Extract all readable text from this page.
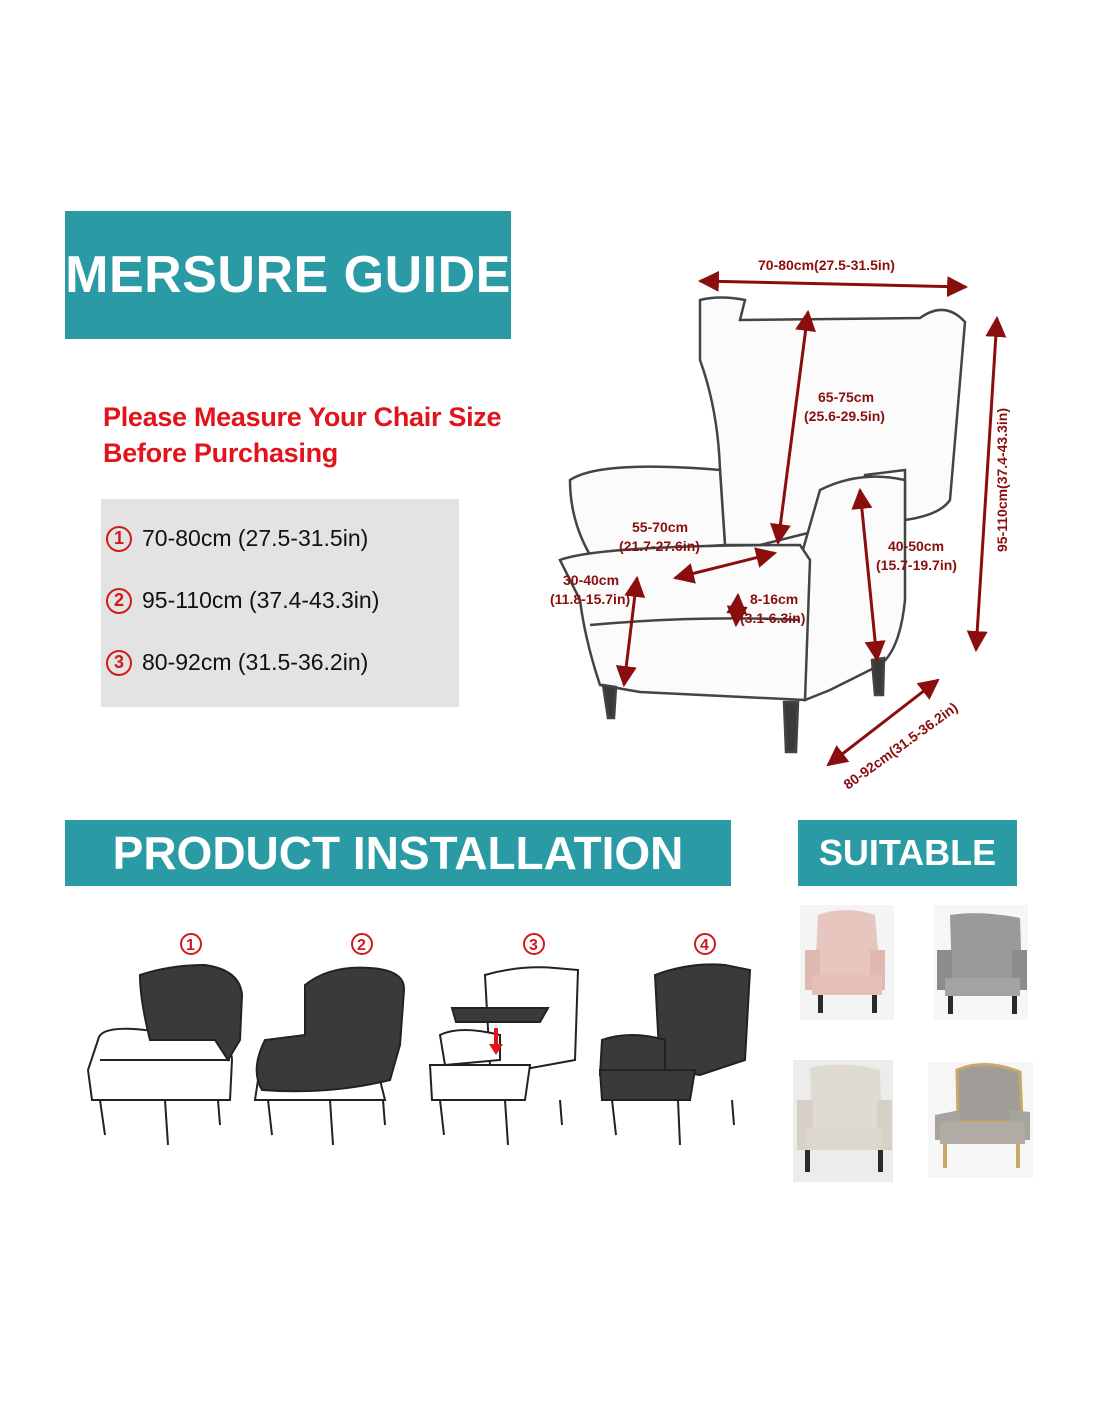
MERSURE GUIDE
PRODUCT INSTALLATION	SUITABLE
Please Measure Your Chair Size
Before Purchasing
1 70-80cm (27.5-31.5in)
2 95-110cm (37.4-43.3in)
3 80-92cm (31.5-36.2in)
70-80cm(27.5-31.5in)
65-75cm
(25.6-29.5in)
55-70cm
(21.7-27.6in)
30-40cm
(11.8-15.7in)	8-16cm
(3.1-6.3in)
40-50cm
(15.7-19.7in)
95-110cm(37.4-43.3in)
80-92cm(31.5-36.2in)
1	2	3	4
